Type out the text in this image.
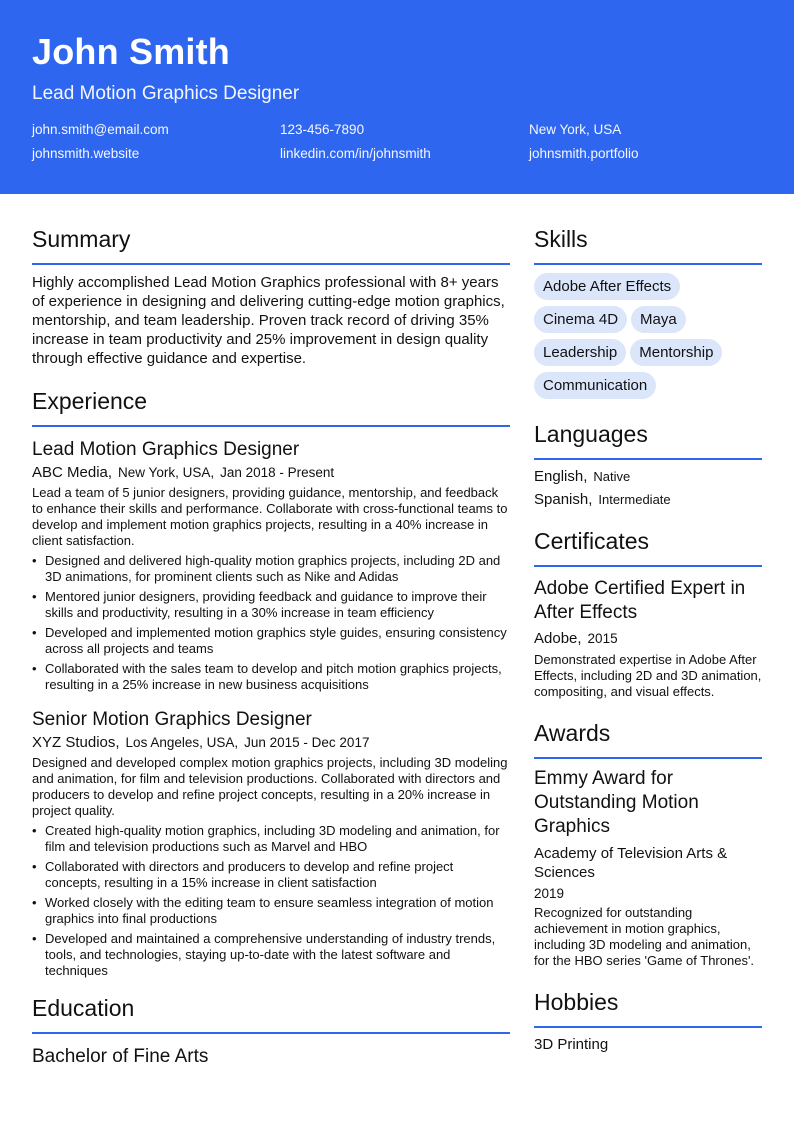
John Smith
Lead Motion Graphics Designer
john.smith@email.com	123-456-7890	New York, USA
johnsmith.website	linkedin.com/in/johnsmith	johnsmith.portfolio
Summary
Highly accomplished Lead Motion Graphics professional with 8+ years of experience in designing and delivering cutting-edge motion graphics, mentorship, and team leadership. Proven track record of driving 35% increase in team productivity and 25% improvement in design quality through effective guidance and expertise.
Experience
Lead Motion Graphics Designer
ABC Media, New York, USA, Jan 2018 - Present
Lead a team of 5 junior designers, providing guidance, mentorship, and feedback to enhance their skills and performance. Collaborate with cross-functional teams to develop and implement motion graphics projects, resulting in a 40% increase in client satisfaction.
• Designed and delivered high-quality motion graphics projects, including 2D and 3D animations, for prominent clients such as Nike and Adidas
• Mentored junior designers, providing feedback and guidance to improve their skills and productivity, resulting in a 30% increase in team efficiency
• Developed and implemented motion graphics style guides, ensuring consistency across all projects and teams
• Collaborated with the sales team to develop and pitch motion graphics projects, resulting in a 25% increase in new business acquisitions
Senior Motion Graphics Designer
XYZ Studios, Los Angeles, USA, Jun 2015 - Dec 2017
Designed and developed complex motion graphics projects, including 3D modeling and animation, for film and television productions. Collaborated with directors and producers to develop and refine project concepts, resulting in a 20% increase in project quality.
• Created high-quality motion graphics, including 3D modeling and animation, for film and television productions such as Marvel and HBO
• Collaborated with directors and producers to develop and refine project concepts, resulting in a 15% increase in client satisfaction
• Worked closely with the editing team to ensure seamless integration of motion graphics into final productions
• Developed and maintained a comprehensive understanding of industry trends, tools, and technologies, staying up-to-date with the latest software and techniques
Education
Bachelor of Fine Arts
Skills
Adobe After Effects
Cinema 4D Maya
Leadership Mentorship
Communication
Languages
English, Native
Spanish, Intermediate
Certificates
Adobe Certified Expert in After Effects
Adobe, 2015
Demonstrated expertise in Adobe After Effects, including 2D and 3D animation, compositing, and visual effects.
Awards
Emmy Award for Outstanding Motion Graphics
Academy of Television Arts & Sciences
2019
Recognized for outstanding achievement in motion graphics, including 3D modeling and animation, for the HBO series 'Game of Thrones'.
Hobbies
3D Printing
